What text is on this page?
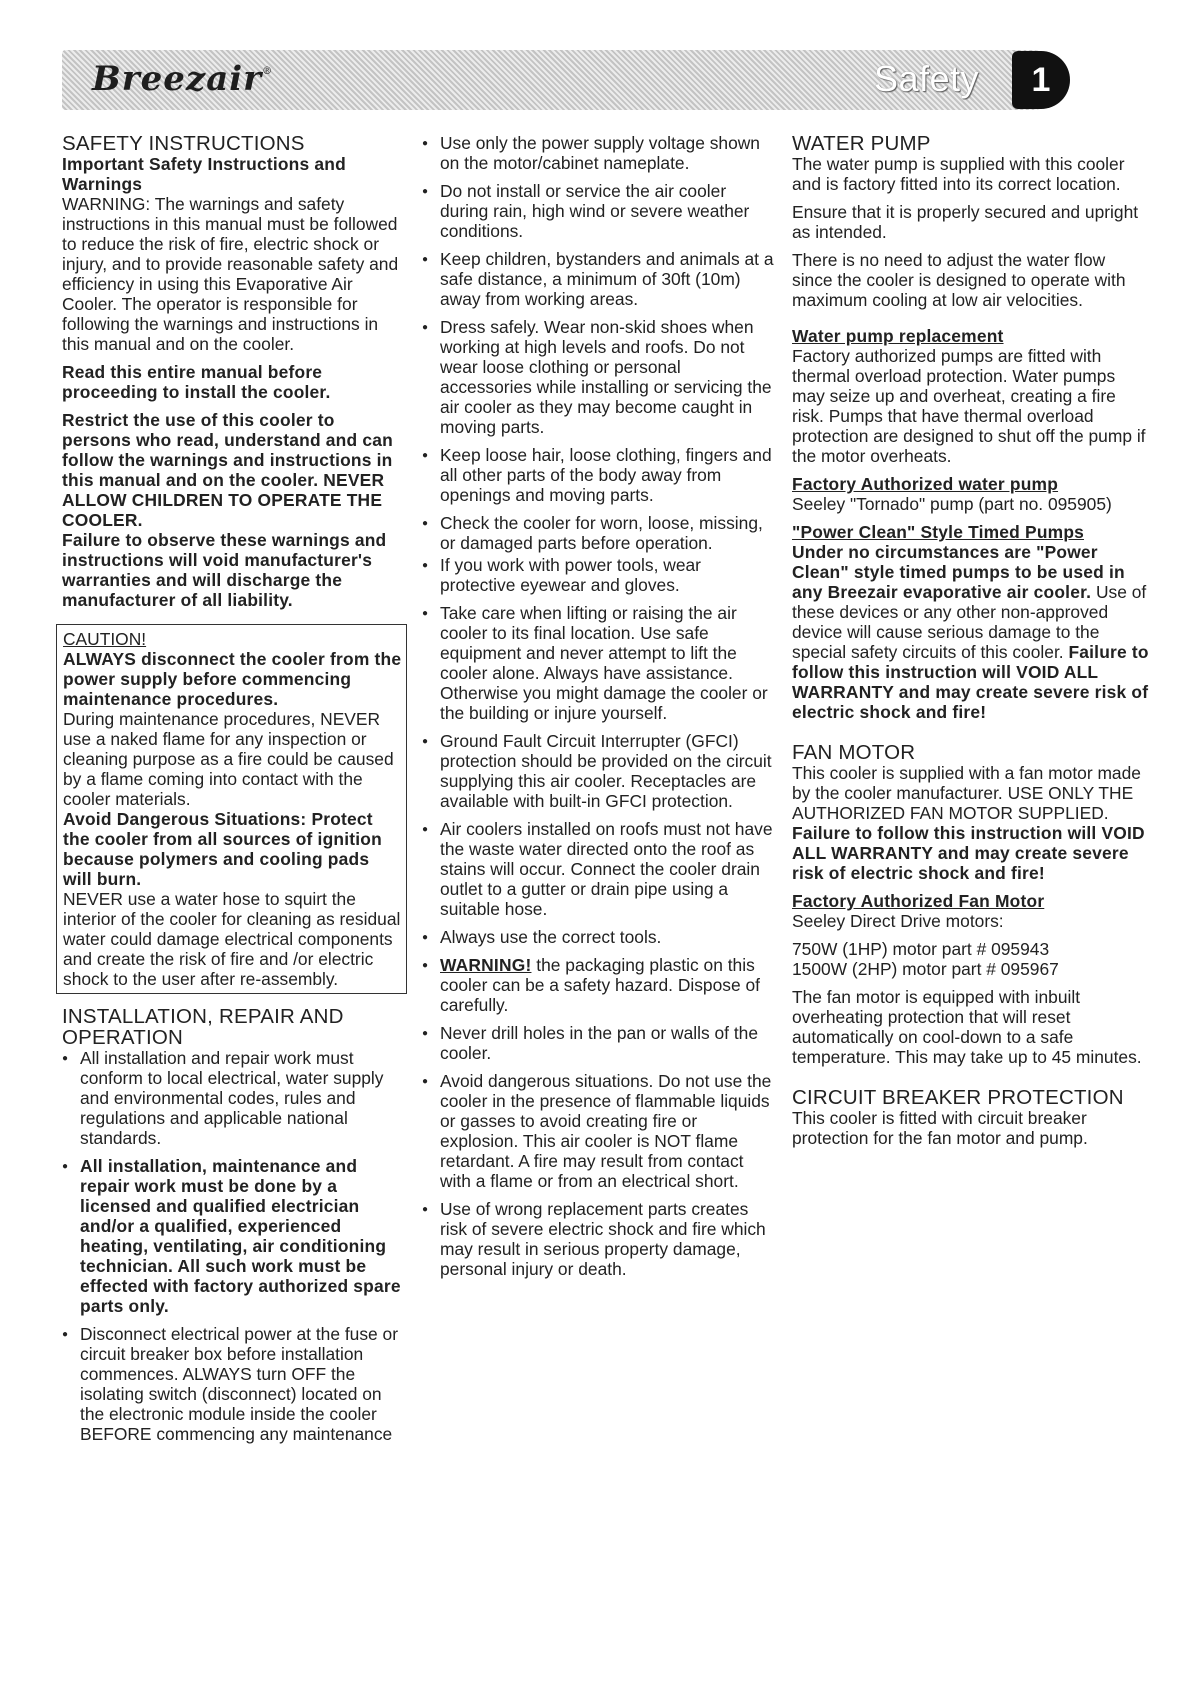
Breezair®	Safety	1
SAFETY INSTRUCTIONS

Important Safety Instructions and Warnings

WARNING: The warnings and safety instructions in this manual must be followed to reduce the risk of fire, electric shock or injury, and to provide reasonable safety and efficiency in using this Evaporative Air Cooler. The operator is responsible for following the warnings and instructions in this manual and on the cooler.

Read this entire manual before proceeding to install the cooler.

Restrict the use of this cooler to persons who read, understand and can follow the warnings and instructions in this manual and on the cooler. NEVER ALLOW CHILDREN TO OPERATE THE COOLER.

Failure to observe these warnings and instructions will void manufacturer's warranties and will discharge the manufacturer of all liability.

CAUTION!

ALWAYS disconnect the cooler from the power supply before commencing maintenance procedures.

During maintenance procedures, NEVER use a naked flame for any inspection or cleaning purpose as a fire could be caused by a flame coming into contact with the cooler materials.

Avoid Dangerous Situations: Protect the cooler from all sources of ignition because polymers and cooling pads will burn.

NEVER use a water hose to squirt the interior of the cooler for cleaning as residual water could damage electrical components and create the risk of fire and /or electric shock to the user after re-assembly.

INSTALLATION, REPAIR AND OPERATION

● All installation and repair work must conform to local electrical, water supply and environmental codes, rules and regulations and applicable national standards.

● All installation, maintenance and repair work must be done by a licensed and qualified electrician and/or a qualified, experienced heating, ventilating, air conditioning technician. All such work must be effected with factory authorized spare parts only.

● Disconnect electrical power at the fuse or circuit breaker box before installation commences. ALWAYS turn OFF the isolating switch (disconnect) located on the electronic module inside the cooler BEFORE commencing any maintenance

● Use only the power supply voltage shown on the motor/cabinet nameplate.

● Do not install or service the air cooler during rain, high wind or severe weather conditions.

● Keep children, bystanders and animals at a safe distance, a minimum of 30ft (10m) away from working areas.

● Dress safely. Wear non-skid shoes when working at high levels and roofs. Do not wear loose clothing or personal accessories while installing or servicing the air cooler as they may become caught in moving parts.

● Keep loose hair, loose clothing, fingers and all other parts of the body away from openings and moving parts.

● Check the cooler for worn, loose, missing, or damaged parts before operation.

● If you work with power tools, wear protective eyewear and gloves.

● Take care when lifting or raising the air cooler to its final location. Use safe equipment and never attempt to lift the cooler alone. Always have assistance. Otherwise you might damage the cooler or the building or injure yourself.

● Ground Fault Circuit Interrupter (GFCI) protection should be provided on the circuit supplying this air cooler. Receptacles are available with built-in GFCI protection.

● Air coolers installed on roofs must not have the waste water directed onto the roof as stains will occur. Connect the cooler drain outlet to a gutter or drain pipe using a suitable hose.

● Always use the correct tools.

● WARNING! the packaging plastic on this cooler can be a safety hazard. Dispose of carefully.

● Never drill holes in the pan or walls of the cooler.

● Avoid dangerous situations. Do not use the cooler in the presence of flammable liquids or gasses to avoid creating fire or explosion. This air cooler is NOT flame retardant. A fire may result from contact with a flame or from an electrical short.

● Use of wrong replacement parts creates risk of severe electric shock and fire which may result in serious property damage, personal injury or death.

WATER PUMP

The water pump is supplied with this cooler and is factory fitted into its correct location.

Ensure that it is properly secured and upright as intended.

There is no need to adjust the water flow since the cooler is designed to operate with maximum cooling at low air velocities.

Water pump replacement

Factory authorized pumps are fitted with thermal overload protection. Water pumps may seize up and overheat, creating a fire risk. Pumps that have thermal overload protection are designed to shut off the pump if the motor overheats.

Factory Authorized water pump

Seeley "Tornado" pump (part no. 095905)

"Power Clean" Style Timed Pumps

Under no circumstances are "Power Clean" style timed pumps to be used in any Breezair evaporative air cooler. Use of these devices or any other non-approved device will cause serious damage to the special safety circuits of this cooler. Failure to follow this instruction will VOID ALL WARRANTY and may create severe risk of electric shock and fire!

FAN MOTOR

This cooler is supplied with a fan motor made by the cooler manufacturer. USE ONLY THE AUTHORIZED FAN MOTOR SUPPLIED.

Failure to follow this instruction will VOID ALL WARRANTY and may create severe risk of electric shock and fire!

Factory Authorized Fan Motor

Seeley Direct Drive motors:

750W (1HP) motor part # 095943

1500W (2HP) motor part # 095967

The fan motor is equipped with inbuilt overheating protection that will reset automatically on cool-down to a safe temperature. This may take up to 45 minutes.

CIRCUIT BREAKER PROTECTION

This cooler is fitted with circuit breaker protection for the fan motor and pump.
